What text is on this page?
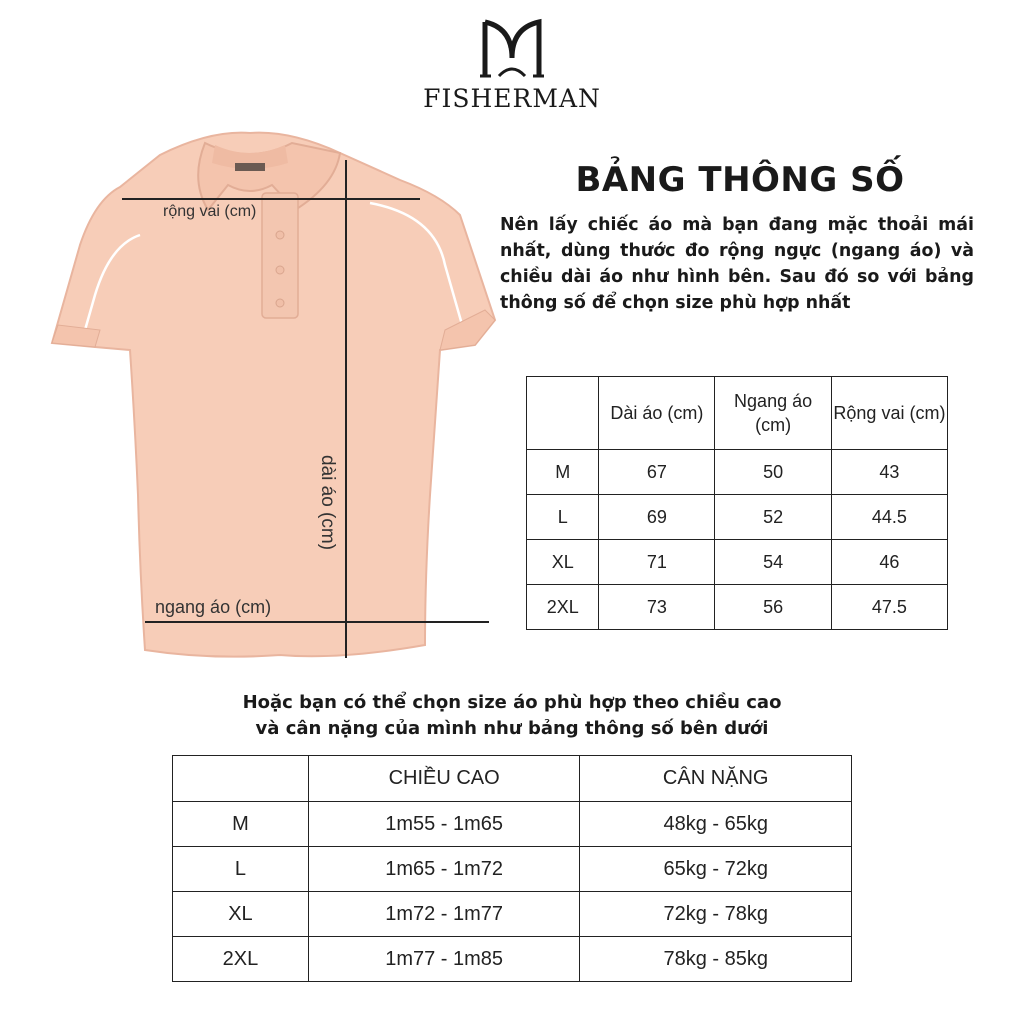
FISHERMAN
rộng vai (cm)
dài áo (cm)
ngang áo (cm)
BẢNG THÔNG SỐ
Nên lấy chiếc áo mà bạn đang mặc thoải mái nhất, dùng thước đo rộng ngực (ngang áo) và chiều dài áo như hình bên. Sau đó so với bảng thông số để chọn size phù hợp nhất
	Dài áo (cm)	Ngang áo (cm)	Rộng vai (cm)
M	67	50	43
L	69	52	44.5
XL	71	54	46
2XL	73	56	47.5
Hoặc bạn có thể chọn size áo phù hợp theo chiều cao
và cân nặng của mình như bảng thông số bên dưới
	CHIỀU CAO	CÂN NẶNG
M	1m55 - 1m65	48kg - 65kg
L	1m65 - 1m72	65kg - 72kg
XL	1m72 - 1m77	72kg - 78kg
2XL	1m77 - 1m85	78kg - 85kg
